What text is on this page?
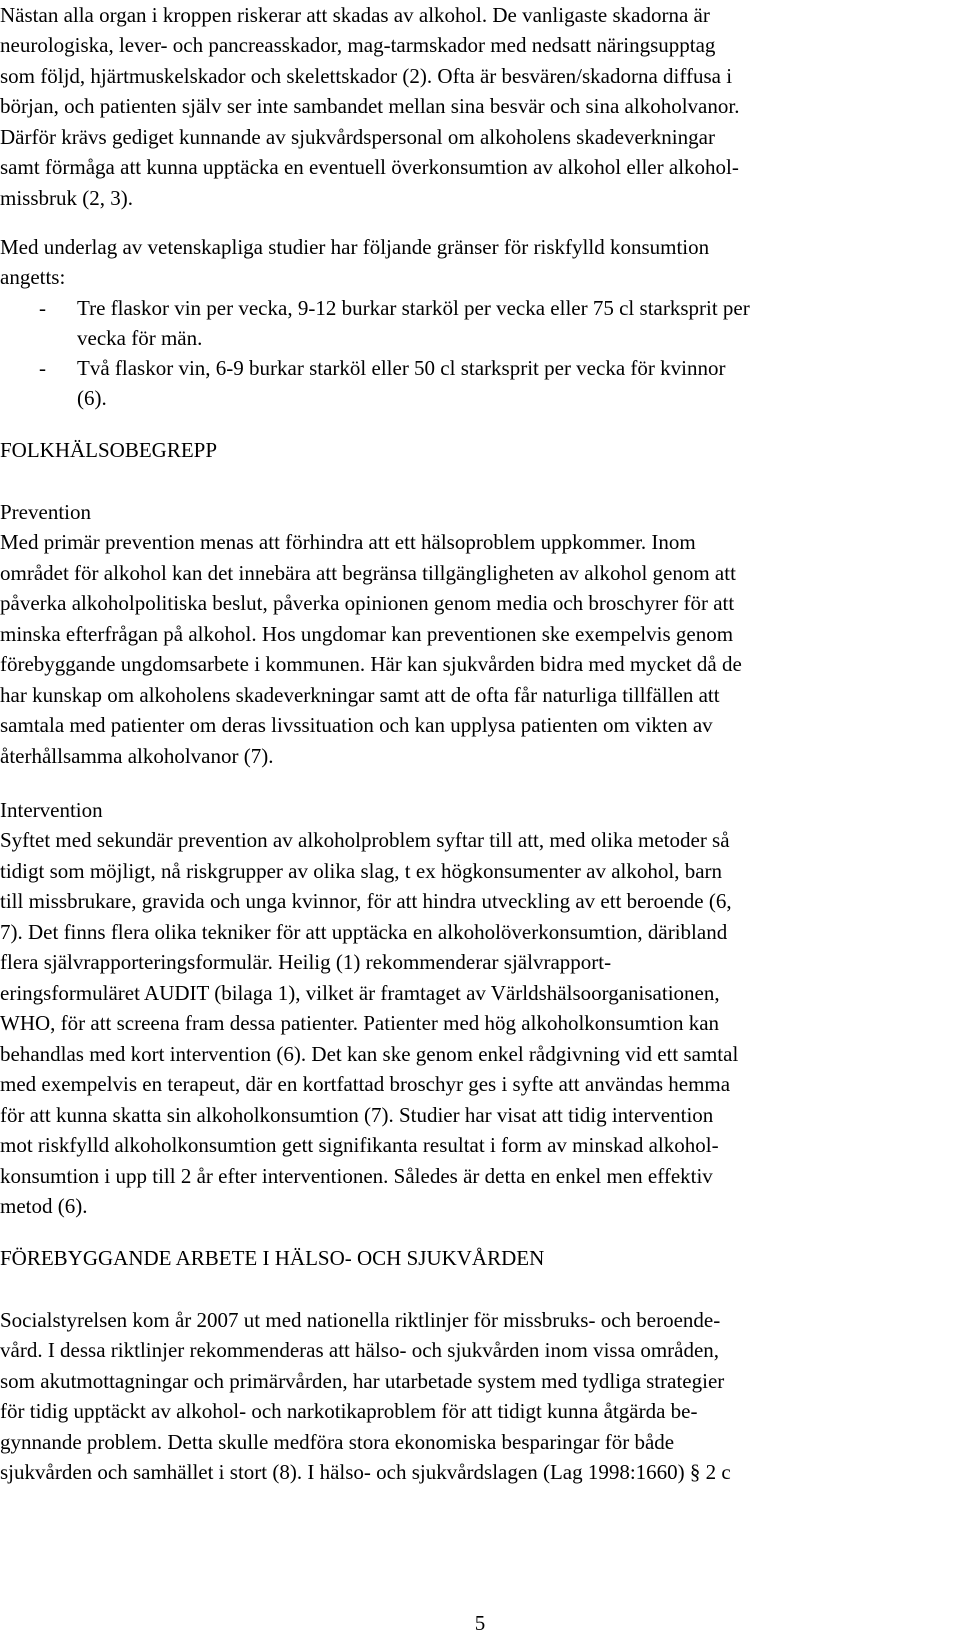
Nästan alla organ i kroppen riskerar att skadas av alkohol. De vanligaste skadorna är
neurologiska, lever- och pancreasskador, mag-tarmskador med nedsatt näringsupptag
som följd, hjärtmuskelskador och skelettskador (2). Ofta är besvären/skadorna diffusa i
början, och patienten själv ser inte sambandet mellan sina besvär och sina alkoholvanor.
Därför krävs gediget kunnande av sjukvårdspersonal om alkoholens skadeverkningar
samt förmåga att kunna upptäcka en eventuell överkonsumtion av alkohol eller alkohol-
missbruk (2, 3).
Med underlag av vetenskapliga studier har följande gränser för riskfylld konsumtion
angetts:
- Tre flaskor vin per vecka, 9-12 burkar starköl per vecka eller 75 cl starksprit per
vecka för män.
- Två flaskor vin, 6-9 burkar starköl eller 50 cl starksprit per vecka för kvinnor
(6).
FOLKHÄLSOBEGREPP
Prevention
Med primär prevention menas att förhindra att ett hälsoproblem uppkommer. Inom
området för alkohol kan det innebära att begränsa tillgängligheten av alkohol genom att
påverka alkoholpolitiska beslut, påverka opinionen genom media och broschyrer för att
minska efterfrågan på alkohol. Hos ungdomar kan preventionen ske exempelvis genom
förebyggande ungdomsarbete i kommunen. Här kan sjukvården bidra med mycket då de
har kunskap om alkoholens skadeverkningar samt att de ofta får naturliga tillfällen att
samtala med patienter om deras livssituation och kan upplysa patienten om vikten av
återhållsamma alkoholvanor (7).
Intervention
Syftet med sekundär prevention av alkoholproblem syftar till att, med olika metoder så
tidigt som möjligt, nå riskgrupper av olika slag, t ex högkonsumenter av alkohol, barn
till missbrukare, gravida och unga kvinnor, för att hindra utveckling av ett beroende (6,
7). Det finns flera olika tekniker för att upptäcka en alkoholöverkonsumtion, däribland
flera självrapporteringsformulär. Heilig (1) rekommenderar självrapport-
eringsformuläret AUDIT (bilaga 1), vilket är framtaget av Världshälsoorganisationen,
WHO, för att screena fram dessa patienter. Patienter med hög alkoholkonsumtion kan
behandlas med kort intervention (6). Det kan ske genom enkel rådgivning vid ett samtal
med exempelvis en terapeut, där en kortfattad broschyr ges i syfte att användas hemma
för att kunna skatta sin alkoholkonsumtion (7). Studier har visat att tidig intervention
mot riskfylld alkoholkonsumtion gett signifikanta resultat i form av minskad alkohol-
konsumtion i upp till 2 år efter interventionen. Således är detta en enkel men effektiv
metod (6).
FÖREBYGGANDE ARBETE I HÄLSO- OCH SJUKVÅRDEN
Socialstyrelsen kom år 2007 ut med nationella riktlinjer för missbruks- och beroende-
vård. I dessa riktlinjer rekommenderas att hälso- och sjukvården inom vissa områden,
som akutmottagningar och primärvården, har utarbetade system med tydliga strategier
för tidig upptäckt av alkohol- och narkotikaproblem för att tidigt kunna åtgärda be-
gynnande problem. Detta skulle medföra stora ekonomiska besparingar för både
sjukvården och samhället i stort (8). I hälso- och sjukvårdslagen (Lag 1998:1660) § 2 c
5
